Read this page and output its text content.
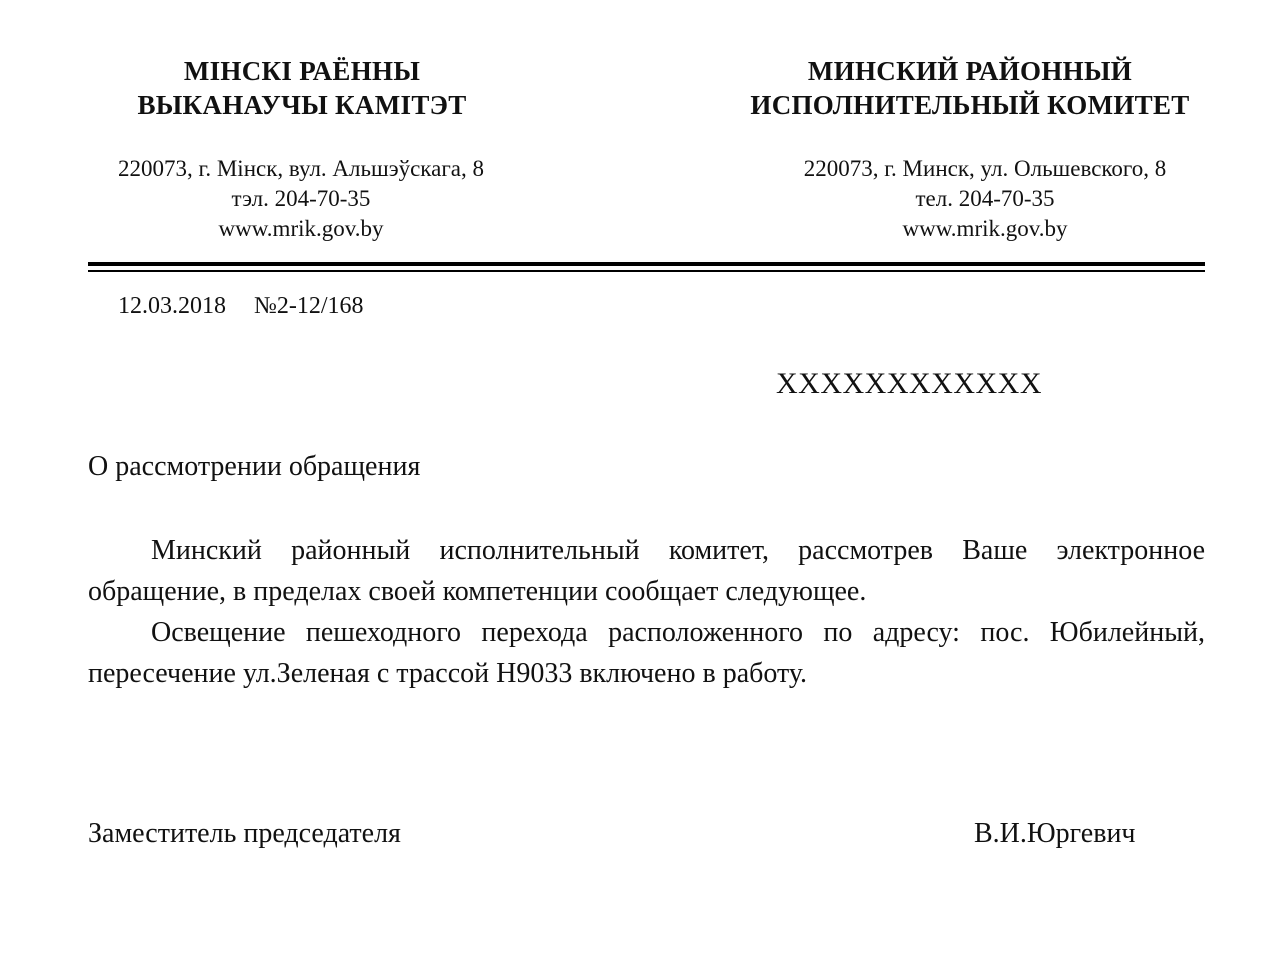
МІНСКІ РАЁННЫ
ВЫКАНАУЧЫ КАМІТЭТ
МИНСКИЙ РАЙОННЫЙ
ИСПОЛНИТЕЛЬНЫЙ КОМИТЕТ
220073, г. Мінск, вул. Альшэўскага, 8
тэл. 204-70-35
www.mrik.gov.by
220073, г. Минск, ул. Ольшевского, 8
тел. 204-70-35
www.mrik.gov.by
12.03.2018 №2-12/168
ХХХХХХХХХХХХ
О рассмотрении обращения

Минский районный исполнительный комитет, рассмотрев Ваше электронное обращение, в пределах своей компетенции сообщает следующее.

Освещение пешеходного перехода расположенного по адресу: пос. Юбилейный, пересечение ул.Зеленая с трассой Н9033 включено в работу.

Заместитель председателя	В.И.Юргевич
